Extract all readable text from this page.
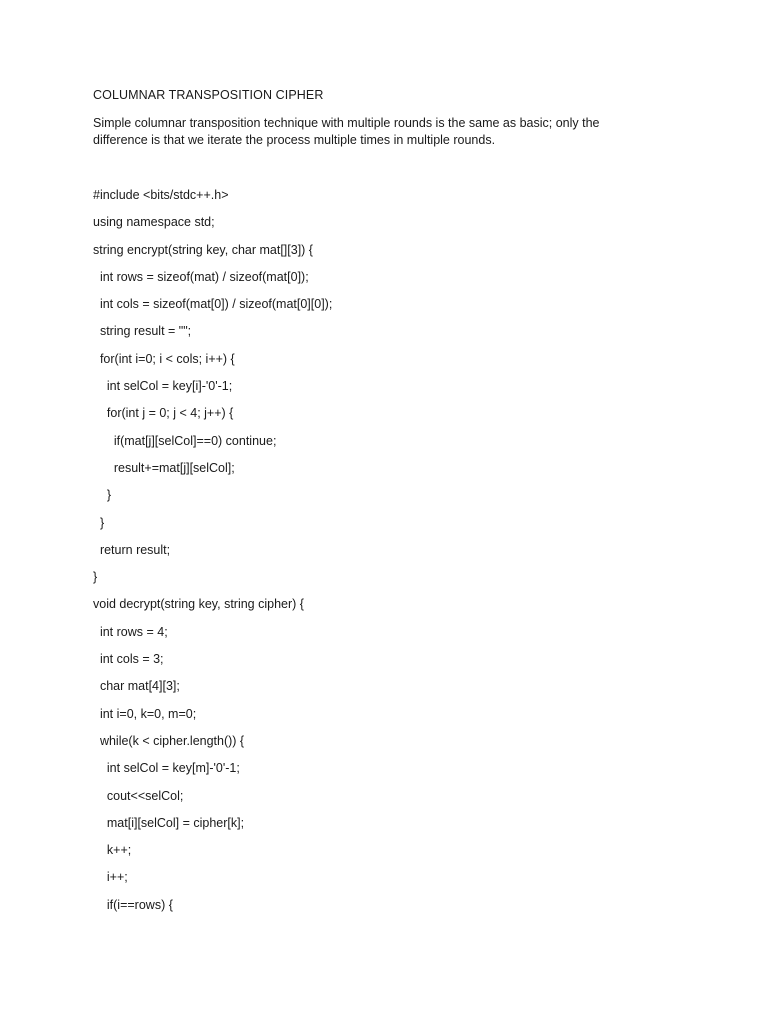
COLUMNAR TRANSPOSITION CIPHER
Simple columnar transposition technique with multiple rounds is the same as basic; only the difference is that we iterate the process multiple times in multiple rounds.
#include <bits/stdc++.h>
using namespace std;
string encrypt(string key, char mat[][3]) {
int rows = sizeof(mat) / sizeof(mat[0]);
int cols = sizeof(mat[0]) / sizeof(mat[0][0]);
string result = "";
for(int i=0; i < cols; i++) {
int selCol = key[i]-'0'-1;
for(int j = 0; j < 4; j++) {
if(mat[j][selCol]==0) continue;
result+=mat[j][selCol];
}
}
return result;
}
void decrypt(string key, string cipher) {
int rows = 4;
int cols = 3;
char mat[4][3];
int i=0, k=0, m=0;
while(k < cipher.length()) {
int selCol = key[m]-'0'-1;
cout<<selCol;
mat[i][selCol] = cipher[k];
k++;
i++;
if(i==rows) {
